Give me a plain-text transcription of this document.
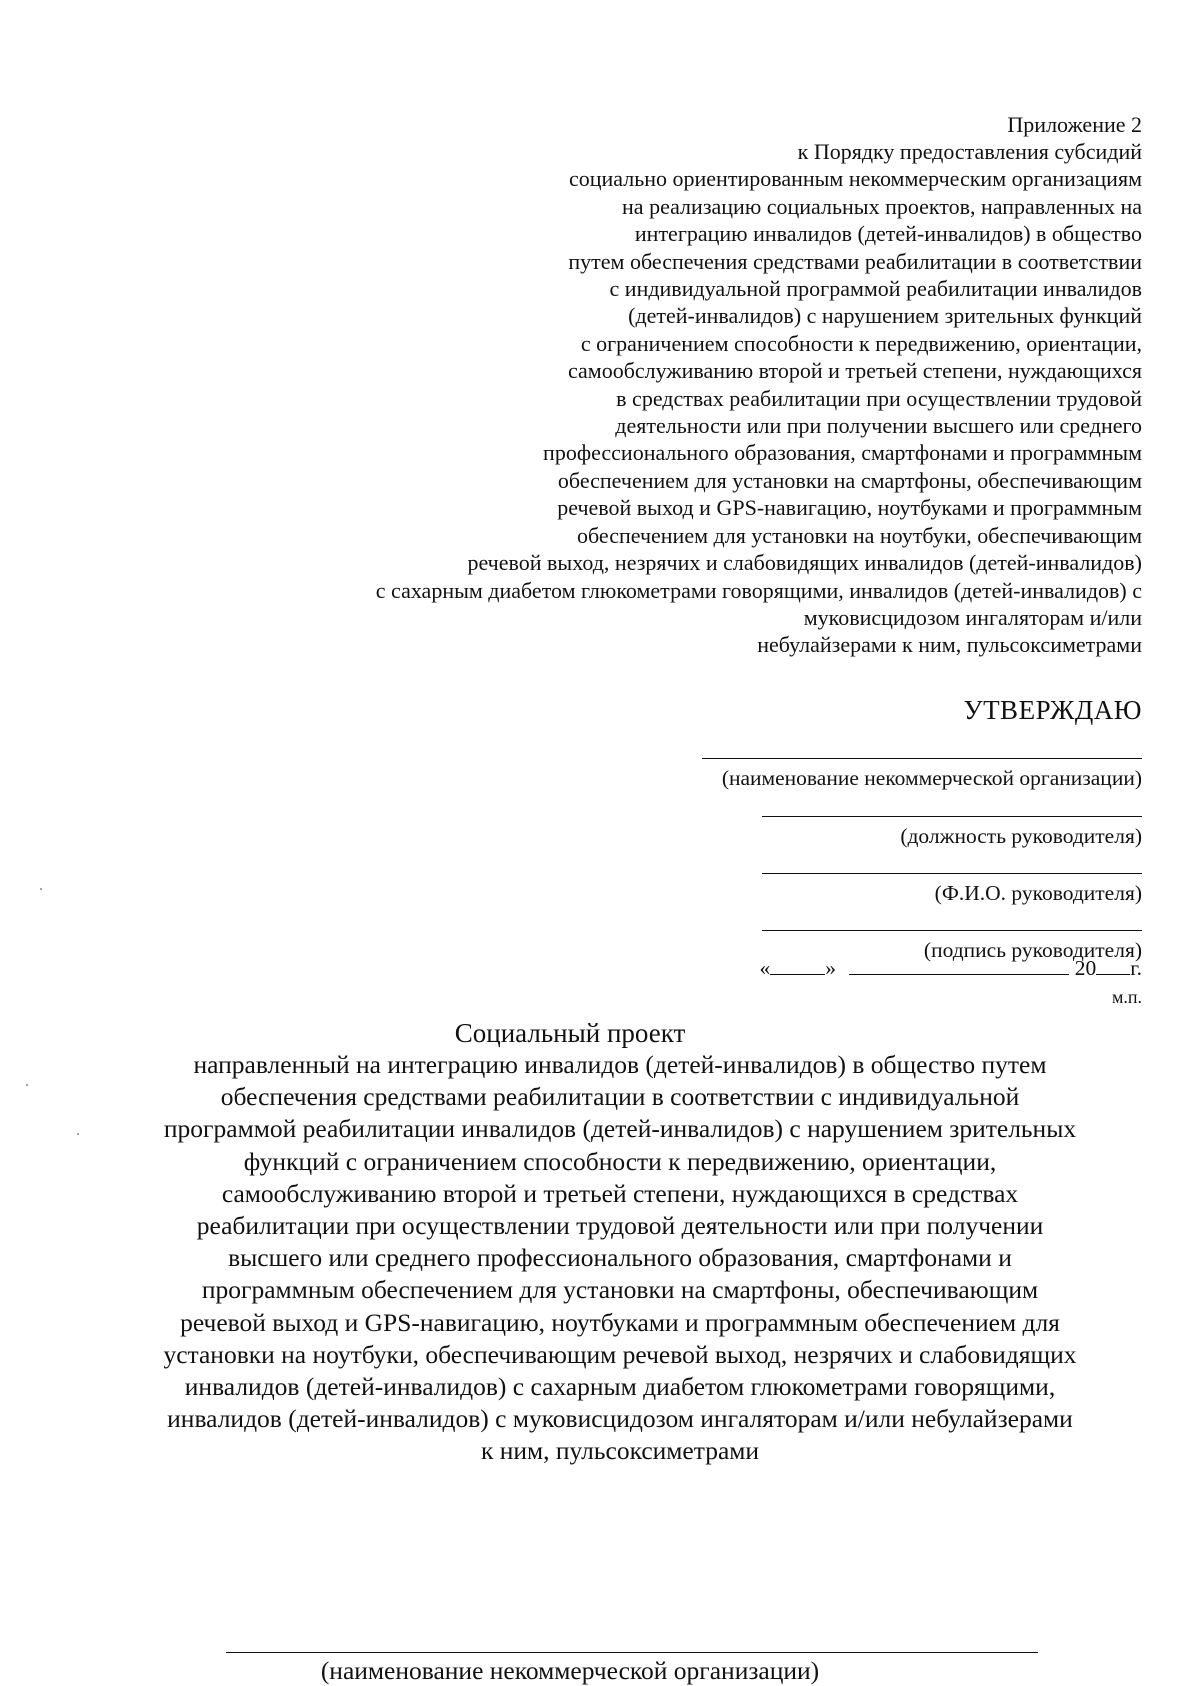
Приложение 2
к Порядку предоставления субсидий
социально ориентированным некоммерческим организациям
на реализацию социальных проектов, направленных на
интеграцию инвалидов (детей-инвалидов) в общество
путем обеспечения средствами реабилитации в соответствии
с индивидуальной программой реабилитации инвалидов
(детей-инвалидов) с нарушением зрительных функций
с ограничением способности к передвижению, ориентации,
самообслуживанию второй и третьей степени, нуждающихся
в средствах реабилитации при осуществлении трудовой
деятельности или при получении высшего или среднего
профессионального образования, смартфонами и программным
обеспечением для установки на смартфоны, обеспечивающим
речевой выход и GPS-навигацию, ноутбуками и программным
обеспечением для установки на ноутбуки, обеспечивающим
речевой выход, незрячих и слабовидящих инвалидов (детей-инвалидов)
с сахарным диабетом глюкометрами говорящими, инвалидов (детей-инвалидов) с
муковисцидозом ингаляторам и/или
небулайзерами к ним, пульсоксиметрами
УТВЕРЖДАЮ
(наименование некоммерческой организации)
(должность руководителя)
(Ф.И.О. руководителя)
(подпись руководителя)
«	»	20 г.
м.п.
Социальный проект
направленный на интеграцию инвалидов (детей-инвалидов) в общество путем
обеспечения средствами реабилитации в соответствии с индивидуальной
программой реабилитации инвалидов (детей-инвалидов) с нарушением зрительных
функций с ограничением способности к передвижению, ориентации,
самообслуживанию второй и третьей степени, нуждающихся в средствах
реабилитации при осуществлении трудовой деятельности или при получении
высшего или среднего профессионального образования, смартфонами и
программным обеспечением для установки на смартфоны, обеспечивающим
речевой выход и GPS-навигацию, ноутбуками и программным обеспечением для
установки на ноутбуки, обеспечивающим речевой выход, незрячих и слабовидящих
инвалидов (детей-инвалидов) с сахарным диабетом глюкометрами говорящими,
инвалидов (детей-инвалидов) с муковисцидозом ингаляторам и/или небулайзерами
к ним, пульсоксиметрами
(наименование некоммерческой организации)
